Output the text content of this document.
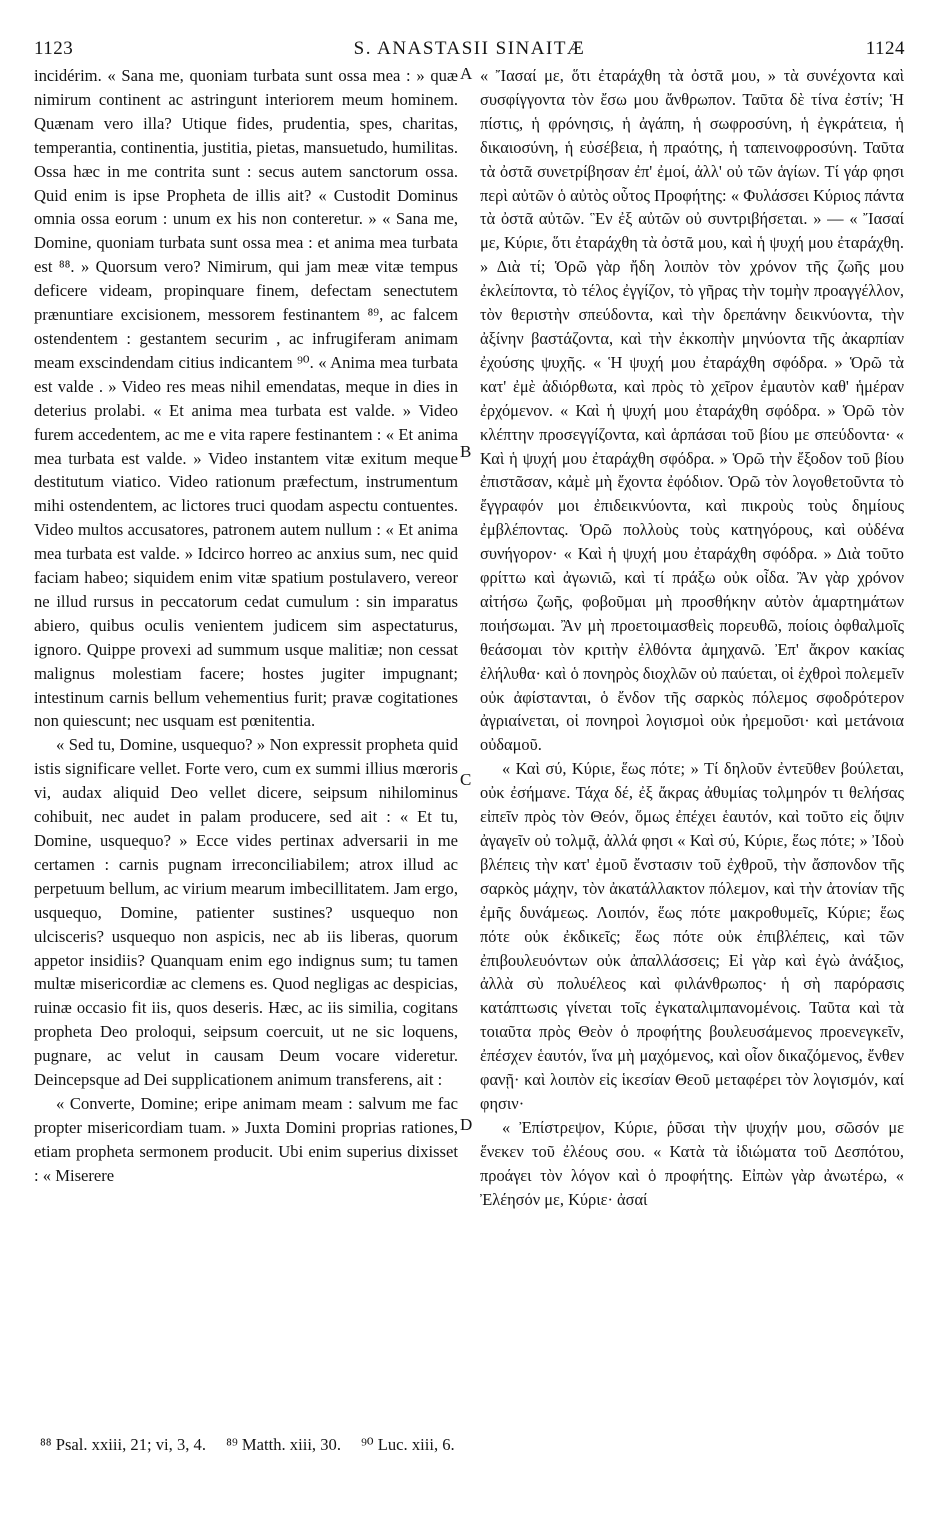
1123	S. ANASTASII SINAITÆ	1124

incidérim. « Sana me, quoniam turbata sunt ossa mea : » quæ nimirum continent ac astringunt interiorem meum hominem. Quænam vero illa? Utique fides, prudentia, spes, charitas, temperantia, continentia, justitia, pietas, mansuetudo, humilitas. Ossa hæc in me contrita sunt : secus autem sanctorum ossa. Quid enim is ipse Propheta de illis ait? « Custodit Dominus omnia ossa eorum : unum ex his non conteretur. » « Sana me, Domine, quoniam turbata sunt ossa mea : et anima mea turbata est ⁸⁸. » Quorsum vero? Nimirum, qui jam meæ vitæ tempus deficere videam, propinquare finem, defectam senectutem prænuntiare excisionem, messorem festinantem ⁸⁹, ac falcem ostendentem : gestantem securim , ac infrugiferam animam meam exscindendam citius indicantem ⁹⁰. « Anima mea turbata est valde . » Video res meas nihil emendatas, meque in dies in deterius prolabi. « Et anima mea turbata est valde. » Video furem accedentem, ac me e vita rapere festinantem : « Et anima mea turbata est valde. » Video instantem vitæ exitum meque destitutum viatico. Video rationum præfectum, instrumentum mihi ostendentem, ac lictores truci quodam aspectu contuentes. Video multos accusatores, patronem autem nullum : « Et anima mea turbata est valde. » Idcirco horreo ac anxius sum, nec quid faciam habeo; siquidem enim vitæ spatium postulavero, vereor ne illud rursus in peccatorum cedat cumulum : sin imparatus abiero, quibus oculis venientem judicem sim aspectaturus, ignoro. Quippe provexi ad summum usque malitiæ; non cessat malignus molestiam facere; hostes jugiter impugnant; intestinum carnis bellum vehementius furit; pravæ cogitationes non quiescunt; nec usquam est pœnitentia.

« Sed tu, Domine, usquequo? » Non expressit propheta quid istis significare vellet. Forte vero, cum ex summi illius mœroris vi, audax aliquid Deo vellet dicere, seipsum nihilominus cohibuit, nec audet in palam producere, sed ait : « Et tu, Domine, usquequo? » Ecce vides pertinax adversarii in me certamen : carnis pugnam irreconciliabilem; atrox illud ac perpetuum bellum, ac virium mearum imbecillitatem. Jam ergo, usquequo, Domine, patienter sustines? usquequo non ulcisceris? usquequo non aspicis, nec ab iis liberas, quorum appetor insidiis? Quanquam enim ego indignus sum; tu tamen multæ misericordiæ ac clemens es. Quod negligas ac despicias, ruinæ occasio fit iis, quos deseris. Hæc, ac iis similia, cogitans propheta Deo proloqui, seipsum coercuit, ut ne sic loquens, pugnare, ac velut in causam Deum vocare videretur. Deincepsque ad Dei supplicationem animum transferens, ait :

« Converte, Domine; eripe animam meam : salvum me fac propter misericordiam tuam. » Juxta Domini proprias rationes, etiam propheta sermonem producit. Ubi enim superius dixisset : « Miserere

« Ἴασαί με, ὅτι ἐταράχθη τὰ ὀστᾶ μου, » τὰ συνέχοντα καὶ συσφίγγοντα τὸν ἔσω μου ἄνθρωπον. Ταῦτα δὲ τίνα ἐστίν; Ἡ πίστις, ἡ φρόνησις, ἡ ἀγάπη, ἡ σωφροσύνη, ἡ ἐγκράτεια, ἡ δικαιοσύνη, ἡ εὐσέβεια, ἡ πραότης, ἡ ταπεινοφροσύνη. Ταῦτα τὰ ὀστᾶ συνετρίβησαν ἐπ' ἐμοί, ἀλλ' οὐ τῶν ἁγίων. Τί γάρ φησι περὶ αὐτῶν ὁ αὐτὸς οὗτος Προφήτης: « Φυλάσσει Κύριος πάντα τὰ ὀστᾶ αὐτῶν. Ἓν ἐξ αὐτῶν οὐ συντριβήσεται. » — « Ἴασαί με, Κύριε, ὅτι ἐταράχθη τὰ ὀστᾶ μου, καὶ ἡ ψυχή μου ἐταράχθη. » Διὰ τί; Ὁρῶ γὰρ ἤδη λοιπὸν τὸν χρόνον τῆς ζωῆς μου ἐκλείποντα, τὸ τέλος ἐγγίζον, τὸ γῆρας τὴν τομὴν προαγγέλλον, τὸν θεριστὴν σπεύδοντα, καὶ τὴν δρεπάνην δεικνύοντα, τὴν ἀξίνην βαστάζοντα, καὶ τὴν ἐκκοπὴν μηνύοντα τῆς ἀκαρπίαν ἐχούσης ψυχῆς. « Ἡ ψυχή μου ἐταράχθη σφόδρα. » Ὁρῶ τὰ κατ' ἐμὲ ἀδιόρθωτα, καὶ πρὸς τὸ χεῖρον ἐμαυτὸν καθ' ἡμέραν ἐρχόμενον. « Καὶ ἡ ψυχή μου ἐταράχθη σφόδρα. » Ὁρῶ τὸν κλέπτην προσεγγίζοντα, καὶ ἁρπάσαι τοῦ βίου με σπεύδοντα· « Καὶ ἡ ψυχή μου ἐταράχθη σφόδρα. » Ὁρῶ τὴν ἔξοδον τοῦ βίου ἐπιστᾶσαν, κἀμὲ μὴ ἔχοντα ἐφόδιον. Ὁρῶ τὸν λογοθετοῦντα τὸ ἔγγραφόν μοι ἐπιδεικνύοντα, καὶ πικροὺς τοὺς δημίους ἐμβλέποντας. Ὁρῶ πολλοὺς τοὺς κατηγόρους, καὶ οὐδένα συνήγορον· « Καὶ ἡ ψυχή μου ἐταράχθη σφόδρα. » Διὰ τοῦτο φρίττω καὶ ἀγωνιῶ, καὶ τί πράξω οὐκ οἶδα. Ἂν γὰρ χρόνον αἰτήσω ζωῆς, φοβοῦμαι μὴ προσθήκην αὐτὸν ἁμαρτημάτων ποιήσωμαι. Ἂν μὴ προετοιμασθεὶς πορευθῶ, ποίοις ὀφθαλμοῖς θεάσομαι τὸν κριτὴν ἐλθόντα ἀμηχανῶ. Ἐπ' ἄκρον κακίας ἐλήλυθα· καὶ ὁ πονηρὸς διοχλῶν οὐ παύεται, οἱ ἐχθροὶ πολεμεῖν οὐκ ἀφίστανται, ὁ ἔνδον τῆς σαρκὸς πόλεμος σφοδρότερον ἀγριαίνεται, οἱ πονηροὶ λογισμοὶ οὐκ ἠρεμοῦσι· καὶ μετάνοια οὐδαμοῦ.

« Καὶ σύ, Κύριε, ἕως πότε; » Τί δηλοῦν ἐντεῦθεν βούλεται, οὐκ ἐσήμανε. Τάχα δέ, ἐξ ἄκρας ἀθυμίας τολμηρόν τι θελήσας εἰπεῖν πρὸς τὸν Θεόν, ὅμως ἐπέχει ἑαυτόν, καὶ τοῦτο εἰς ὄψιν ἀγαγεῖν οὐ τολμᾷ, ἀλλά φησι « Καὶ σύ, Κύριε, ἕως πότε; » Ἰδοὺ βλέπεις τὴν κατ' ἐμοῦ ἔνστασιν τοῦ ἐχθροῦ, τὴν ἄσπονδον τῆς σαρκὸς μάχην, τὸν ἀκατάλλακτον πόλεμον, καὶ τὴν ἀτονίαν τῆς ἐμῆς δυνάμεως. Λοιπόν, ἕως πότε μακροθυμεῖς, Κύριε; ἕως πότε οὐκ ἐκδικεῖς; ἕως πότε οὐκ ἐπιβλέπεις, καὶ τῶν ἐπιβουλευόντων οὐκ ἀπαλλάσσεις; Εἰ γὰρ καὶ ἐγὼ ἀνάξιος, ἀλλὰ σὺ πολυέλεος καὶ φιλάνθρωπος· ἡ σὴ παρόρασις κατάπτωσις γίνεται τοῖς ἐγκαταλιμπανομένοις. Ταῦτα καὶ τὰ τοιαῦτα πρὸς Θεὸν ὁ προφήτης βουλευσάμενος προενεγκεῖν, ἐπέσχεν ἑαυτόν, ἵνα μὴ μαχόμενος, καὶ οἷον δικαζόμενος, ἔνθεν φανῇ· καὶ λοιπὸν εἰς ἱκεσίαν Θεοῦ μεταφέρει τὸν λογισμόν, καί φησιν·

« Ἐπίστρεψον, Κύριε, ῥῦσαι τὴν ψυχήν μου, σῶσόν με ἕνεκεν τοῦ ἐλέους σου. « Κατὰ τὰ ἰδιώματα τοῦ Δεσπότου, προάγει τὸν λόγον καὶ ὁ προφήτης. Εἰπὼν γὰρ ἀνωτέρω, « Ἐλέησόν με, Κύριε· ἀσαί

A
B
C
D
⁸⁸ Psal. xxiii, 21; vi, 3, 4. ⁸⁹ Matth. xiii, 30. ⁹⁰ Luc. xiii, 6.
